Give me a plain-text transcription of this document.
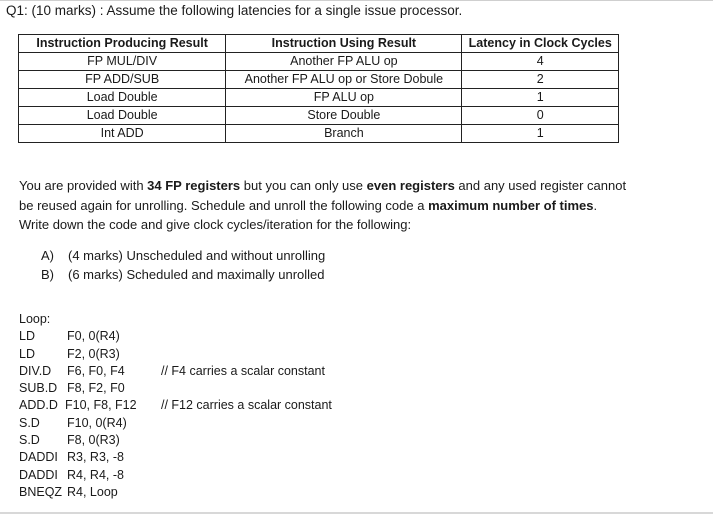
Q1: (10 marks) : Assume the following latencies for a single issue processor.
Instruction Producing Result	Instruction Using Result	Latency in Clock Cycles
FP MUL/DIV	Another FP ALU op	4
FP ADD/SUB	Another FP ALU op or Store Dobule	2
Load Double	FP ALU op	1
Load Double	Store Double	0
Int ADD	Branch	1

You are provided with 34 FP registers but you can only use even registers and any used register cannot

be reused again for unrolling. Schedule and unroll the following code a maximum number of times.

Write down the code and give clock cycles/iteration for the following:

A)	(4 marks) Unscheduled and without unrolling
B)	(6 marks) Scheduled and maximally unrolled
Loop:
LD	F0, 0(R4)
LD	F2, 0(R3)
DIV.D F6, F0, F4	// F4 carries a scalar constant
SUB.D F8, F2, F0
ADD.D F10, F8, F12 // F12 carries a scalar constant
S.D F10, 0(R4)
S.D F8, 0(R3)
DADDI R3, R3, -8
DADDI R4, R4, -8
BNEQZ R4, Loop
